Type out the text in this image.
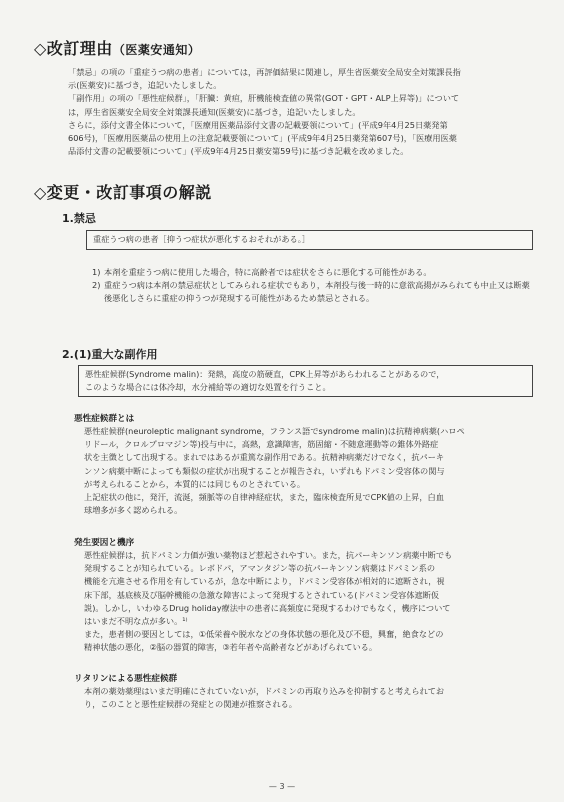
◇改訂理由（医薬安通知）

「禁忌」の項の「重症うつ病の患者」については，再評価結果に関連し，厚生省医薬安全局安全対策課長指

示(医薬安)に基づき，追記いたしました。

「副作用」の項の「悪性症候群」，「肝臓：黄疸，肝機能検査値の異常(GOT・GPT・ALP上昇等)」について

は，厚生省医薬安全局安全対策課長通知(医薬安)に基づき，追記いたしました。

さらに，添付文書全体について，「医療用医薬品添付文書の記載要領について」(平成9年4月25日薬発第

606号)，「医療用医薬品の使用上の注意記載要領について」(平成9年4月25日薬発第607号)，「医療用医薬

品添付文書の記載要領について」(平成9年4月25日薬安第59号)に基づき記載を改めました。

◇変更・改訂事項の解説
1.禁忌
重症うつ病の患者［抑うつ症状が悪化するおそれがある。］
1) 本剤を重症うつ病に使用した場合，特に高齢者では症状をさらに悪化する可能性がある。
2) 重症うつ病は本剤の禁忌症状としてみられる症状でもあり，本剤投与後一時的に意欲高揚がみられても中止又は断薬後悪化しさらに重症の抑うつが発現する可能性があるため禁忌とされる。
2.(1)重大な副作用
悪性症候群(Syndrome malin)：発熱，高度の筋硬直，CPK上昇等があらわれることがあるので，
このような場合には体冷却，水分補給等の適切な処置を行うこと。
悪性症候群とは

悪性症候群(neuroleptic malignant syndrome，フランス語でsyndrome malin)は抗精神病薬(ハロペ

リドール，クロルプロマジン等)投与中に，高熱，意識障害，筋固縮・不随意運動等の錐体外路症

状を主徴として出現する。まれではあるが重篤な副作用である。抗精神病薬だけでなく，抗パーキ

ンソン病薬中断によっても類似の症状が出現することが報告され，いずれもドパミン受容体の関与

が考えられることから，本質的には同じものとされている。

上記症状の他に，発汗，流涎，頻脈等の自律神経症状，また，臨床検査所見でCPK値の上昇，白血

球増多が多く認められる。

発生要因と機序

悪性症候群は，抗ドパミン力価が強い薬物ほど惹起されやすい。また，抗パーキンソン病薬中断でも

発現することが知られている。レボドパ，アマンタジン等の抗パーキンソン病薬はドパミン系の

機能を亢進させる作用を有しているが，急な中断により，ドパミン受容体が相対的に遮断され，視

床下部，基底核及び脳幹機能の急激な障害によって発現するとされている(ドパミン受容体遮断仮

説)。しかし，いわゆるDrug holiday療法中の患者に高頻度に発現するわけでもなく，機序について

はいまだ不明な点が多い。¹⁾

また，患者側の要因としては，①低栄養や脱水などの身体状態の悪化及び不穏，興奮，絶食などの

精神状態の悪化，②脳の器質的障害，③若年者や高齢者などがあげられている。

リタリンによる悪性症候群

本剤の薬効薬理はいまだ明確にされていないが，ドパミンの再取り込みを抑制すると考えられてお

り，このことと悪性症候群の発症との関連が推察される。

— 3 —
